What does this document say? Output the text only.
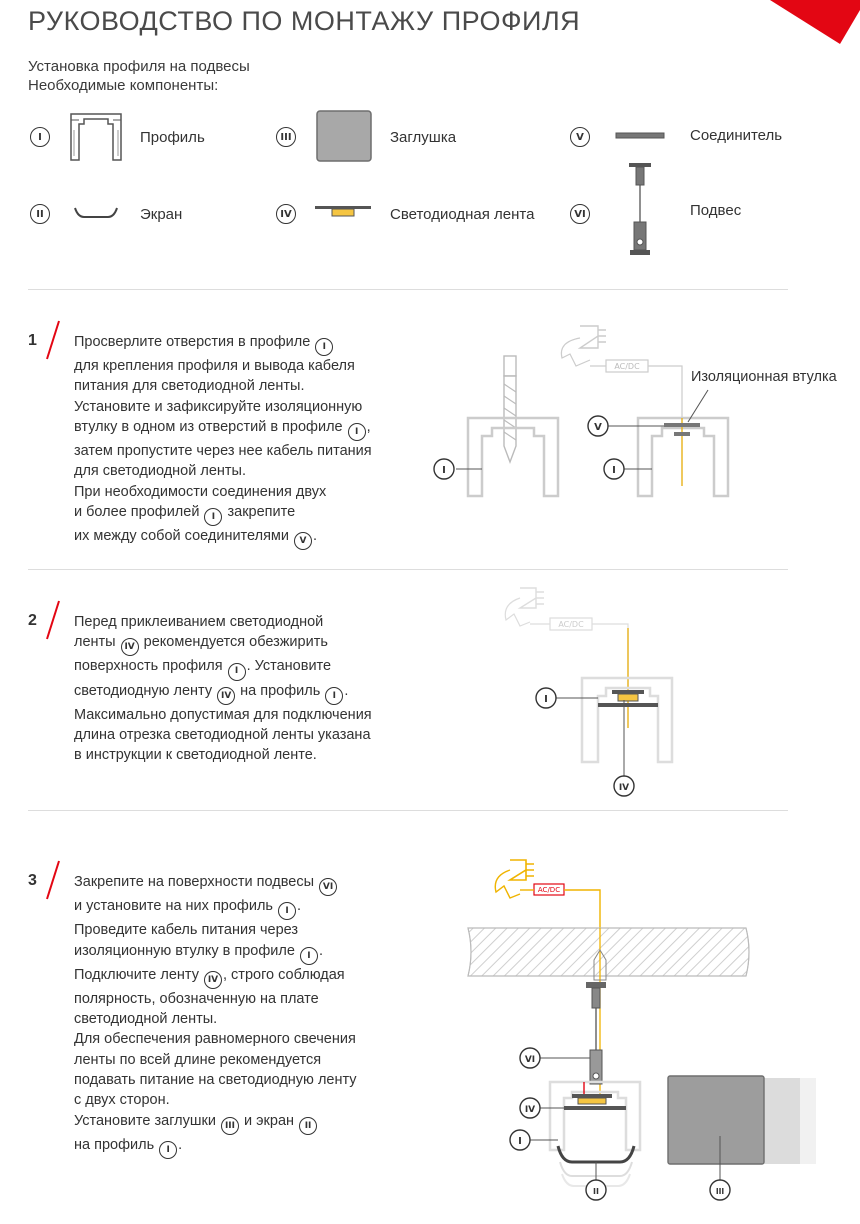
РУКОВОДСТВО ПО МОНТАЖУ ПРОФИЛЯ
Установка профиля на подвесы
Необходимые компоненты:
I	Профиль
II	Экран
III	Заглушка
IV	Светодиодная лента
V	Соединитель
VI	Подвес
1	Просверлите отверстия в профиле I

для крепления профиля и вывода кабеля

питания для светодиодной ленты.

Установите и зафиксируйте изоляционную

втулку в одном из отверстий в профиле I ,

затем пропустите через нее кабель питания

для светодиодной ленты.

При необходимости соединения двух

и более профилей I закрепите

их между собой соединителями V .

I
AC/DC
V
I
Изоляционная втулка
2	Перед приклеиванием светодиодной

ленты IV рекомендуется обезжирить

поверхность профиля I . Установите

светодиодную ленту IV на профиль I .

Максимально допустимая для подключения

длина отрезка светодиодной ленты указана

в инструкции к светодиодной ленте.

AC/DC
I
IV
3	Закрепите на поверхности подвесы VI

и установите на них профиль I .

Проведите кабель питания через

изоляционную втулку в профиле I .

Подключите ленту IV , строго соблюдая

полярность, обозначенную на плате

светодиодной ленты.

Для обеспечения равномерного свечения

ленты по всей длине рекомендуется

подавать питание на светодиодную ленту

с двух сторон.

Установите заглушки III и экран II

на профиль I .

AC/DC
VI
IV
I
II	III
